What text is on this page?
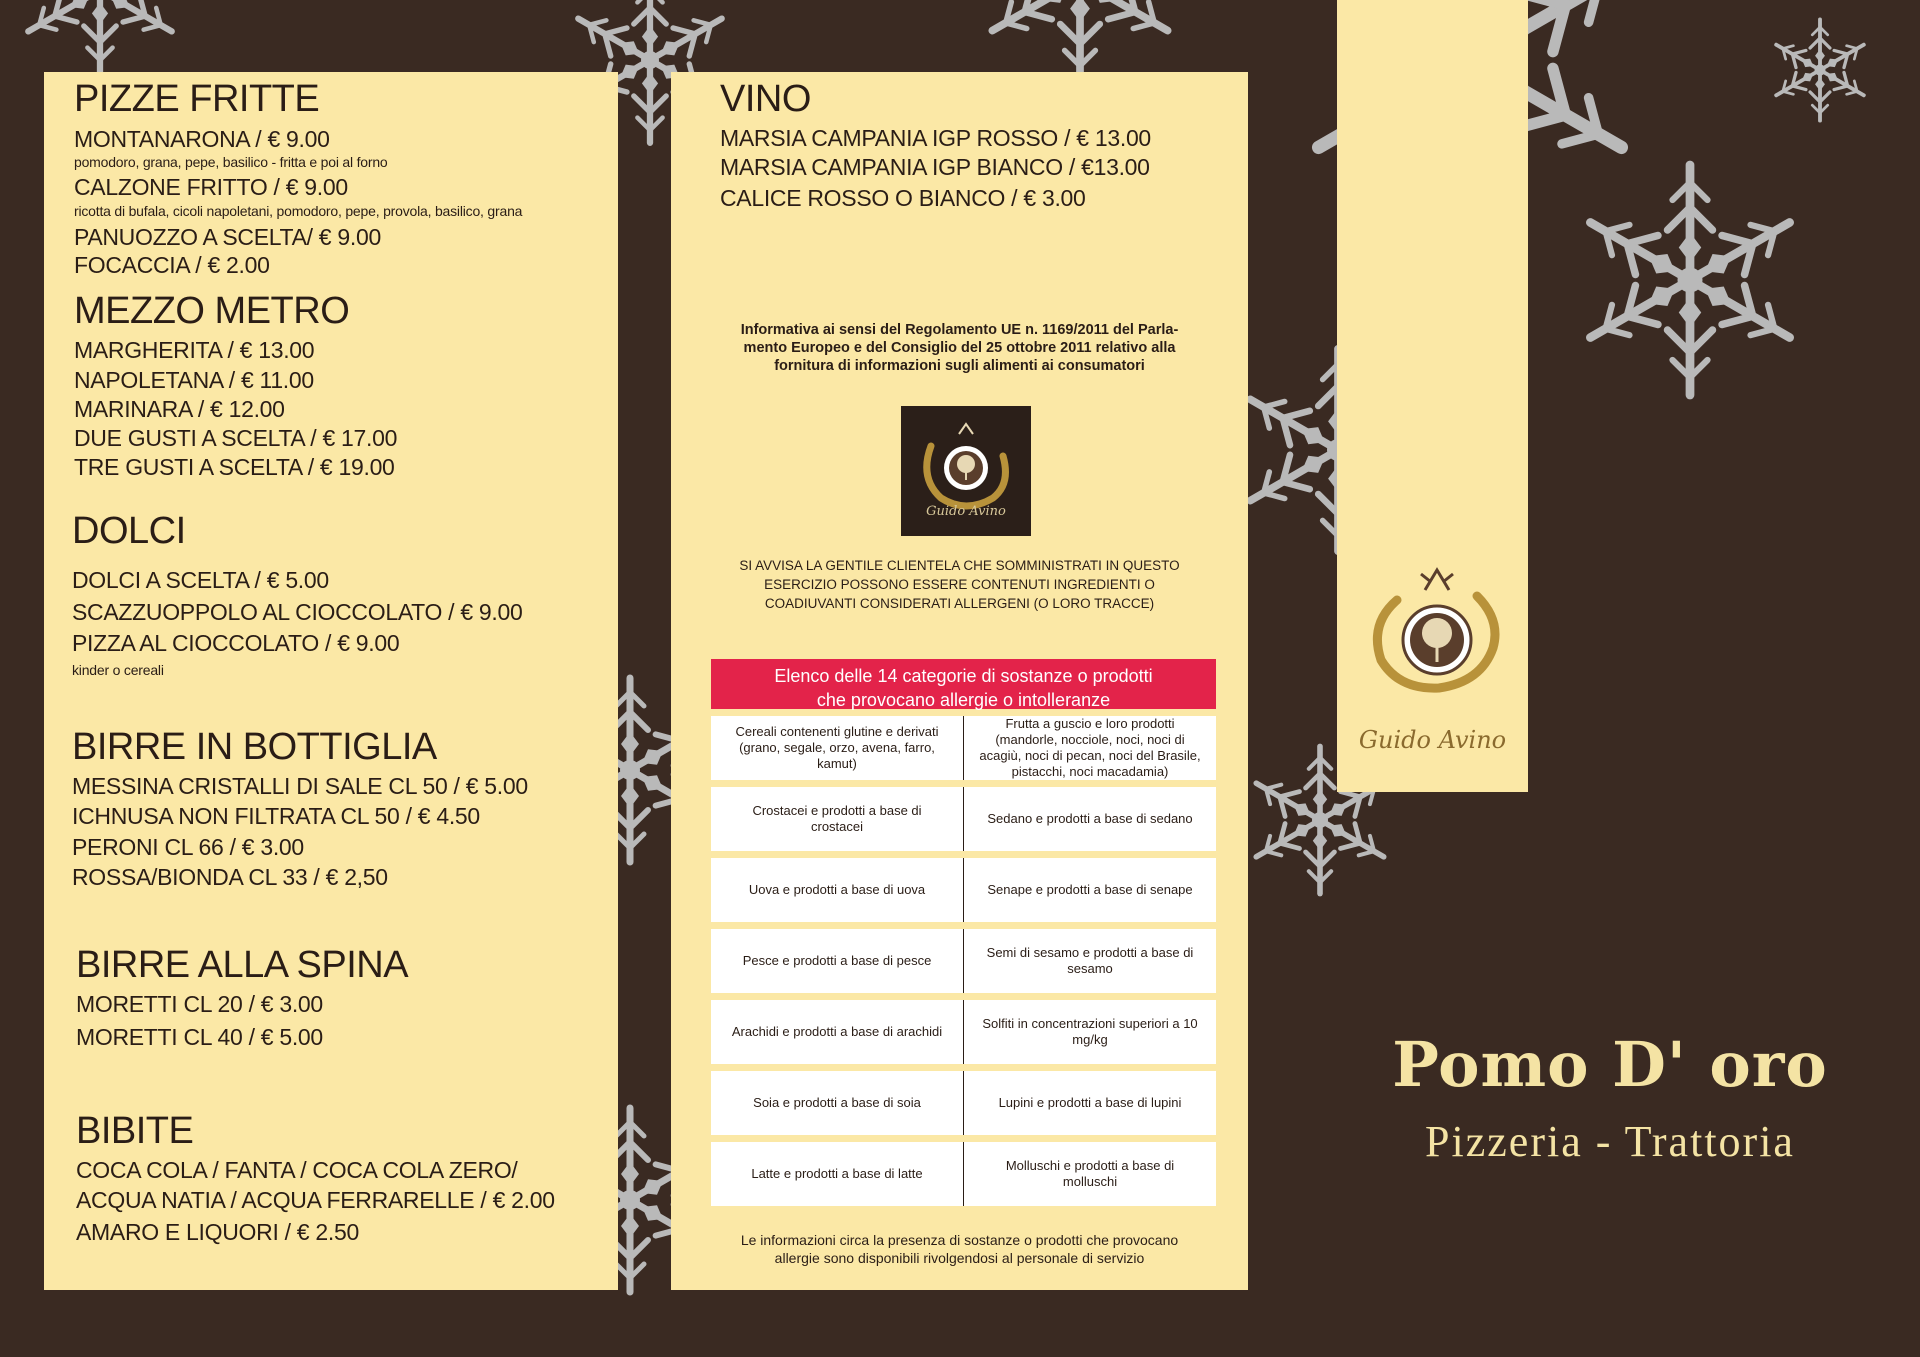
PIZZE FRITTE
MONTANARONA / € 9.00
pomodoro, grana, pepe, basilico - fritta e poi al forno
CALZONE FRITTO / € 9.00
ricotta di bufala, cicoli napoletani, pomodoro, pepe, provola, basilico, grana
PANUOZZO A SCELTA/ € 9.00
FOCACCIA / € 2.00
MEZZO METRO
MARGHERITA / € 13.00
NAPOLETANA / € 11.00
MARINARA / € 12.00
DUE GUSTI A SCELTA / € 17.00
TRE GUSTI A SCELTA / € 19.00
DOLCI
DOLCI A SCELTA / € 5.00
SCAZZUOPPOLO AL CIOCCOLATO / € 9.00
PIZZA AL CIOCCOLATO / € 9.00
kinder o cereali
BIRRE IN BOTTIGLIA
MESSINA CRISTALLI DI SALE CL 50 / € 5.00
ICHNUSA NON FILTRATA CL 50 / € 4.50
PERONI CL 66 / € 3.00
ROSSA/BIONDA CL 33 / € 2,50
BIRRE ALLA SPINA
MORETTI CL 20 / € 3.00
MORETTI CL 40 / € 5.00
BIBITE
COCA COLA / FANTA / COCA COLA ZERO/
ACQUA NATIA / ACQUA FERRARELLE / € 2.00
AMARO E LIQUORI / € 2.50
VINO
MARSIA CAMPANIA IGP ROSSO / € 13.00
MARSIA CAMPANIA IGP BIANCO / €13.00
CALICE ROSSO O BIANCO / € 3.00
Informativa ai sensi del Regolamento UE n. 1169/2011 del Parla-
mento Europeo e del Consiglio del 25 ottobre 2011 relativo alla
fornitura di informazioni sugli alimenti ai consumatori
Guido Avino
SI AVVISA LA GENTILE CLIENTELA CHE SOMMINISTRATI IN QUESTO
ESERCIZIO POSSONO ESSERE CONTENUTI INGREDIENTI O
COADIUVANTI CONSIDERATI ALLERGENI (O LORO TRACCE)
Elenco delle 14 categorie di sostanze o prodotti
che provocano allergie o intolleranze
Cereali contenenti glutine e derivati (grano, segale, orzo, avena, farro, kamut)
Frutta a guscio e loro prodotti (mandorle, nocciole, noci, noci di acagiù, noci di pecan, noci del Brasile, pistacchi, noci macadamia)
Crostacei e prodotti a base di crostacei
Sedano e prodotti a base di sedano
Uova e prodotti a base di uova	Senape e prodotti a base di senape
Pesce e prodotti a base di pesce
Semi di sesamo e prodotti a base di sesamo
Arachidi e prodotti a base di arachidi
Solfiti in concentrazioni superiori a 10 mg/kg
Soia e prodotti a base di soia	Lupini e prodotti a base di lupini
Latte e prodotti a base di latte
Molluschi e prodotti a base di molluschi
Le informazioni circa la presenza di sostanze o prodotti che provocano
allergie sono disponibili rivolgendosi al personale di servizio
Guido Avino
Pomo D' oro
Pizzeria - Trattoria
